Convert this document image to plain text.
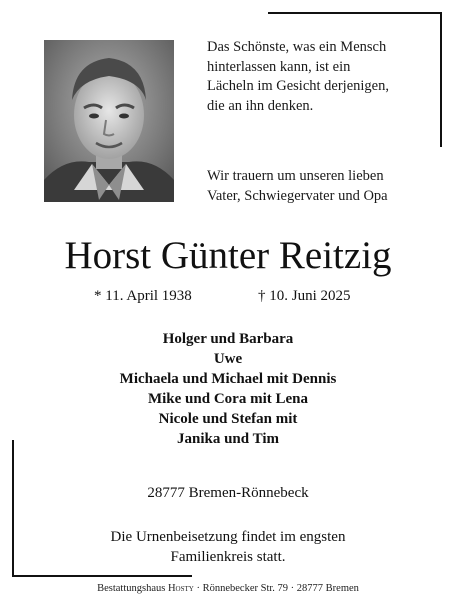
Das Schönste, was ein Mensch
hinterlassen kann, ist ein
Lächeln im Gesicht derjenigen,
die an ihn denken.
Wir trauern um unseren lieben
Vater, Schwiegervater und Opa
Horst Günter Reitzig
* 11. April 1938	† 10. Juni 2025
Holger und Barbara
Uwe
Michaela und Michael mit Dennis
Mike und Cora mit Lena
Nicole und Stefan mit
Janika und Tim
28777 Bremen-Rönnebeck
Die Urnenbeisetzung findet im engsten
Familienkreis statt.
Bestattungshaus Hosty · Rönnebecker Str. 79 · 28777 Bremen
